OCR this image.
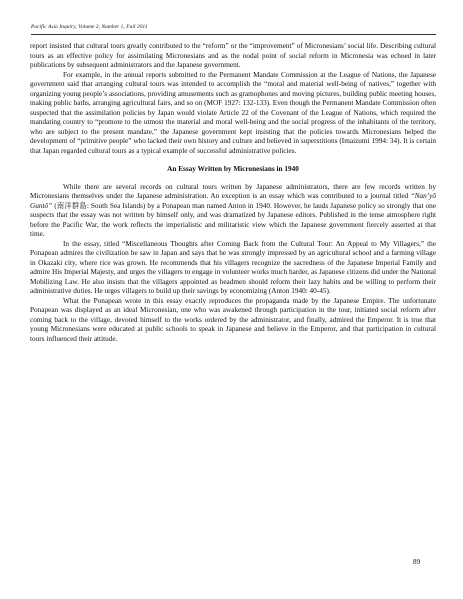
Pacific Asia Inquiry, Volume 2, Number 1, Fall 2011

report insisted that cultural tours greatly contributed to the “reform” or the “improvement” of Micronesians’ social life. Describing cultural tours as an effective policy for assimilating Micronesians and as the nodal point of social reform in Micronesia was echoed in later publications by subsequent administrators and the Japanese government.

For example, in the annual reports submitted to the Permanent Mandate Commission at the League of Nations, the Japanese government said that arranging cultural tours was intended to accomplish the “moral and material well-being of natives,” together with organizing young people’s associations, providing amusements such as gramophones and moving pictures, building public meeting houses, making public baths, arranging agricultural fairs, and so on (MOF 1927: 132-133). Even though the Permanent Mandate Commission often suspected that the assimilation policies by Japan would violate Article 22 of the Covenant of the League of Nations, which required the mandating country to “promote to the utmost the material and moral well-being and the social progress of the inhabitants of the territory, who are subject to the present mandate,” the Japanese government kept insisting that the policies towards Micronesians helped the development of “primitive people” who lacked their own history and culture and believed in superstitions (Imaizumi 1994: 34). It is certain that Japan regarded cultural tours as a typical example of successful administrative policies.

An Essay Written by Micronesians in 1940

While there are several records on cultural tours written by Japanese administrators, there are few records written by Micronesians themselves under the Japanese administration. An exception is an essay which was contributed to a journal titled “Nan’yō Guntō” (南洋群島: South Sea Islands) by a Ponapean man named Anton in 1940. However, he lauds Japanese policy so strongly that one suspects that the essay was not written by himself only, and was dramatized by Japanese editors. Published in the tense atmosphere right before the Pacific War, the work reflects the imperialistic and militaristic view which the Japanese government fiercely asserted at that time.

In the essay, titled “Miscellaneous Thoughts after Coming Back from the Cultural Tour: An Appeal to My Villagers,” the Ponapean admires the civilization he saw in Japan and says that he was strongly impressed by an agricultural school and a farming village in Okazaki city, where rice was grown. He recommends that his villagers recognize the sacredness of the Japanese Imperial Family and admire His Imperial Majesty, and urges the villagers to engage in volunteer works much harder, as Japanese citizens did under the National Mobilizing Law. He also insists that the villagers appointed as headmen should reform their lazy habits and be willing to perform their administrative duties. He urges villagers to build up their savings by economizing (Anton 1940: 40-45).

What the Ponapean wrote in this essay exactly reproduces the propaganda made by the Japanese Empire. The unfortunate Ponapean was displayed as an ideal Micronesian, one who was awakened through participation in the tour, initiated social reform after coming back to the village, devoted himself to the works ordered by the administrator, and finally, admired the Emperor. It is true that young Micronesians were educated at public schools to speak in Japanese and believe in the Emperor, and that participation in cultural tours influenced their attitude.

89
